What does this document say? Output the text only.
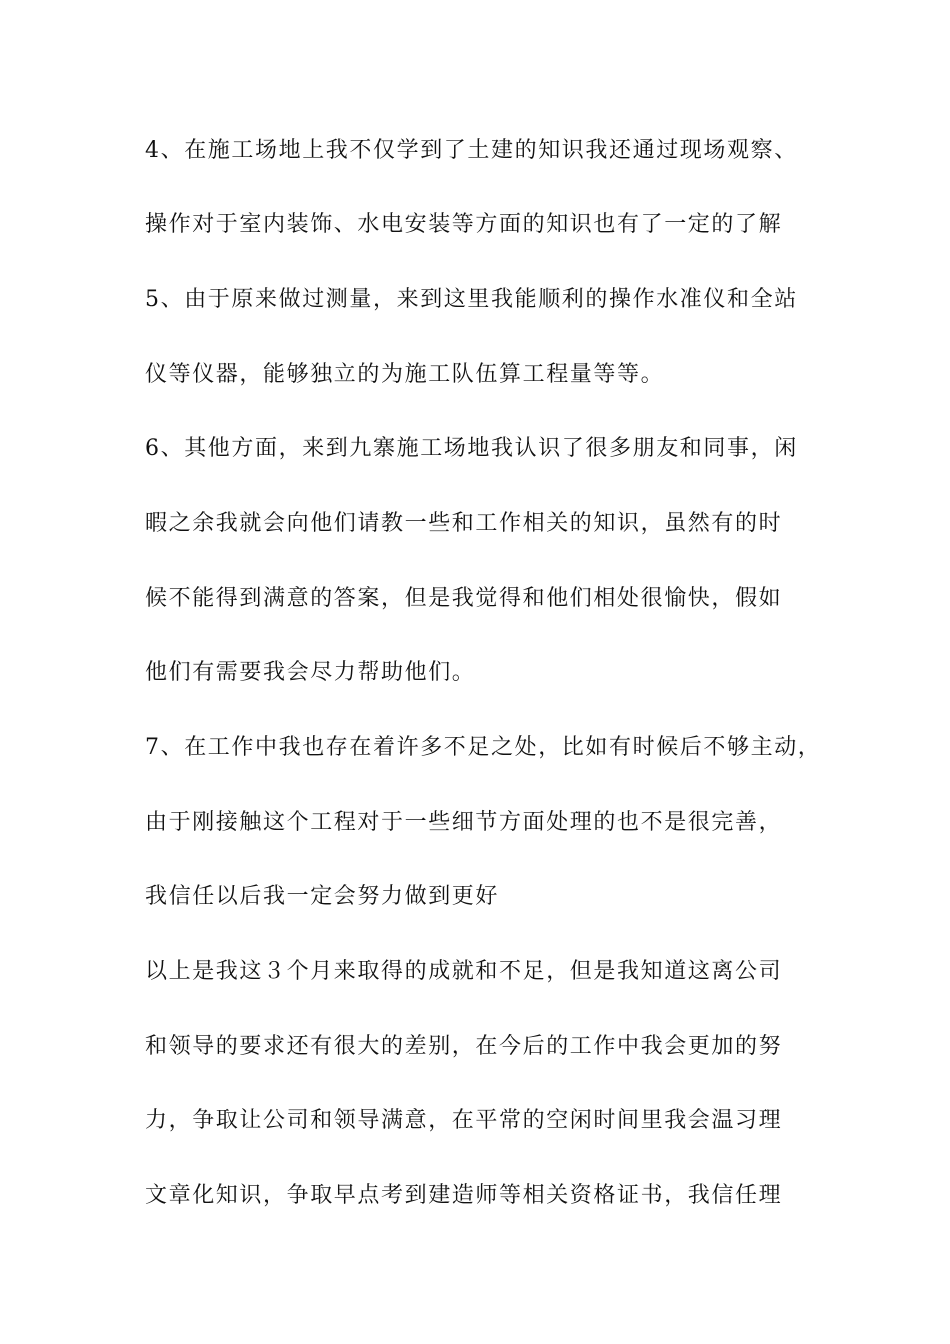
4、在施工场地上我不仅学到了土建的知识我还通过现场观察、
操作对于室内装饰、水电安装等方面的知识也有了一定的了解
5、由于原来做过测量，来到这里我能顺利的操作水准仪和全站
仪等仪器，能够独立的为施工队伍算工程量等等。
6、其他方面，来到九寨施工场地我认识了很多朋友和同事，闲
暇之余我就会向他们请教一些和工作相关的知识，虽然有的时
候不能得到满意的答案，但是我觉得和他们相处很愉快，假如
他们有需要我会尽力帮助他们。
7、在工作中我也存在着许多不足之处，比如有时候后不够主动，
由于刚接触这个工程对于一些细节方面处理的也不是很完善，
我信任以后我一定会努力做到更好
以上是我这３个月来取得的成就和不足，但是我知道这离公司
和领导的要求还有很大的差别，在今后的工作中我会更加的努
力，争取让公司和领导满意，在平常的空闲时间里我会温习理
文章化知识，争取早点考到建造师等相关资格证书，我信任理
